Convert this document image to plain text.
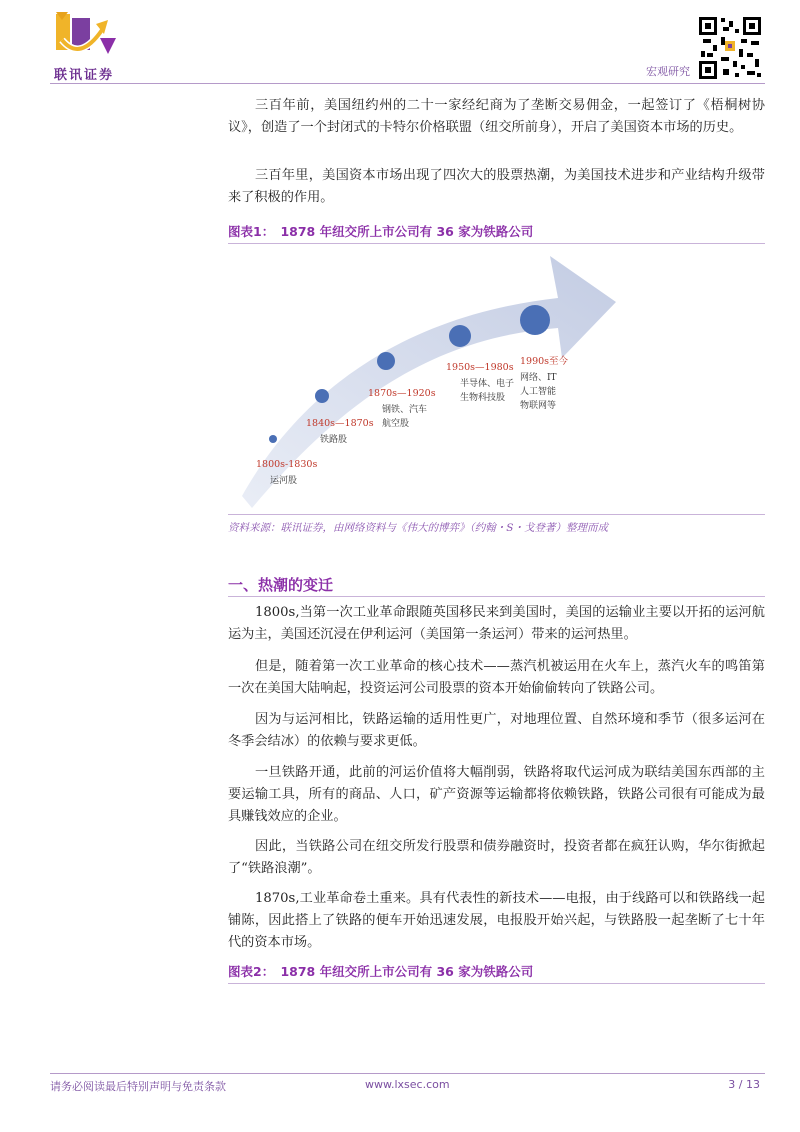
联讯证券	宏观研究

三百年前，美国纽约州的二十一家经纪商为了垄断交易佣金，一起签订了《梧桐树协议》，创造了一个封闭式的卡特尔价格联盟（纽交所前身），开启了美国资本市场的历史。

三百年里，美国资本市场出现了四次大的股票热潮，为美国技术进步和产业结构升级带来了积极的作用。

图表1：　1878 年纽交所上市公司有 36 家为铁路公司
1800s-1830s
运河股
1840s—1870s
铁路股
1870s—1920s
钢铁、汽车
航空股
1950s—1980s
半导体、电子
生物科技股
1990s至今
网络、IT
人工智能
物联网等
资料来源：联讯证券，由网络资料与《伟大的博弈》（约翰・S・戈登著）整理而成
一、热潮的变迁

1800s,当第一次工业革命跟随英国移民来到美国时，美国的运输业主要以开拓的运河航运为主，美国还沉浸在伊利运河（美国第一条运河）带来的运河热里。

但是，随着第一次工业革命的核心技术——蒸汽机被运用在火车上，蒸汽火车的鸣笛第一次在美国大陆响起，投资运河公司股票的资本开始偷偷转向了铁路公司。

因为与运河相比，铁路运输的适用性更广，对地理位置、自然环境和季节（很多运河在冬季会结冰）的依赖与要求更低。

一旦铁路开通，此前的河运价值将大幅削弱，铁路将取代运河成为联结美国东西部的主要运输工具，所有的商品、人口，矿产资源等运输都将依赖铁路，铁路公司很有可能成为最具赚钱效应的企业。

因此，当铁路公司在纽交所发行股票和债券融资时，投资者都在疯狂认购，华尔街掀起了“铁路浪潮”。

1870s,工业革命卷土重来。具有代表性的新技术——电报，由于线路可以和铁路线一起铺陈，因此搭上了铁路的便车开始迅速发展，电报股开始兴起，与铁路股一起垄断了七十年代的资本市场。

图表2：　1878 年纽交所上市公司有 36 家为铁路公司
请务必阅读最后特别声明与免责条款	www.lxsec.com	3 / 13
